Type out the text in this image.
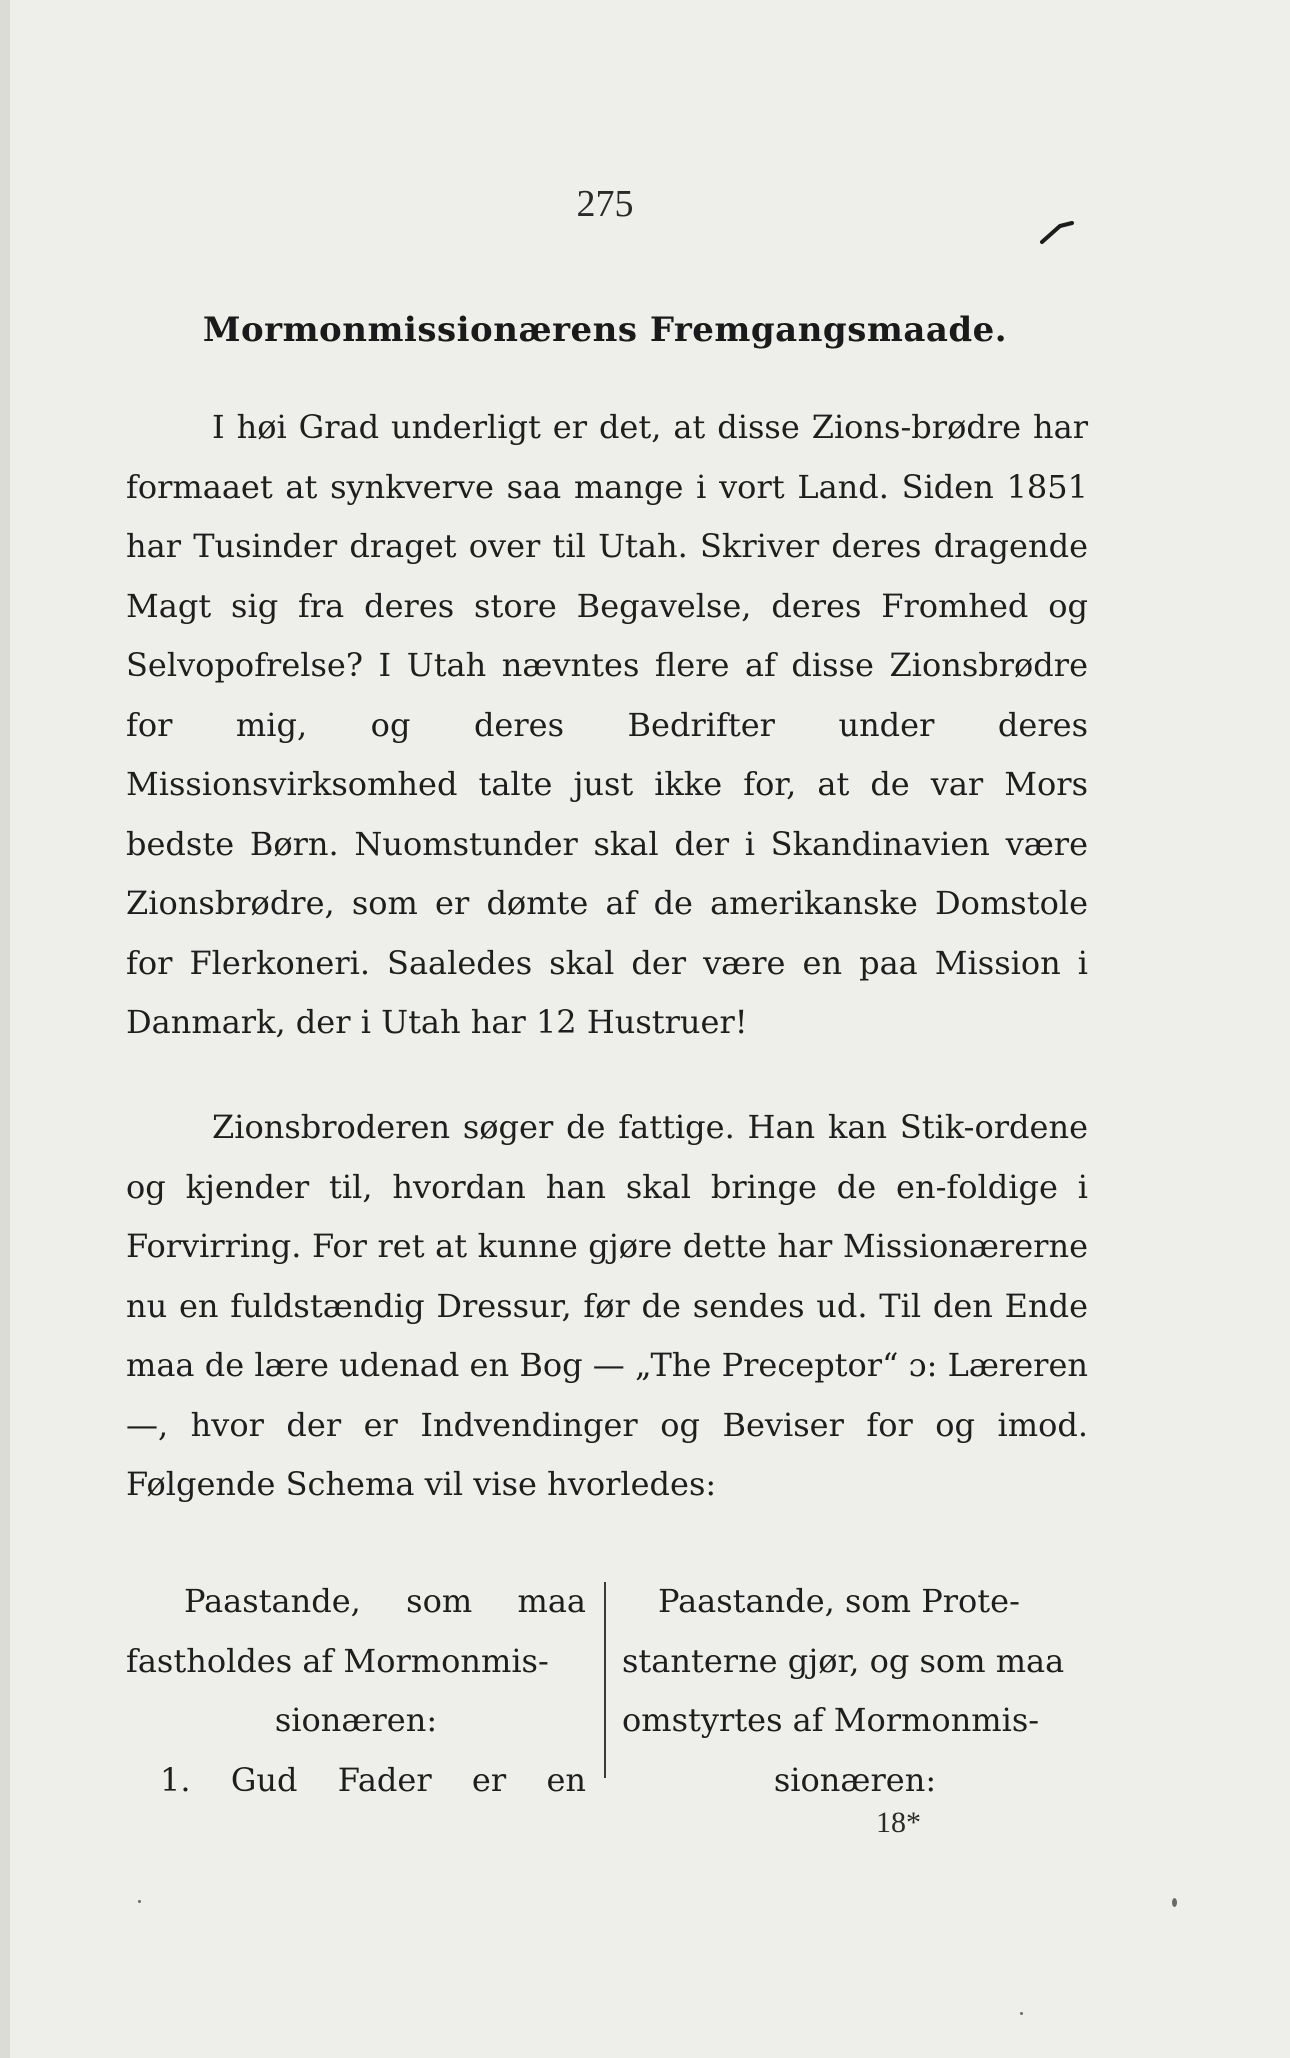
275
Mormonmissionærens Fremgangsmaade.

I høi Grad underligt er det, at disse Zions-brødre har formaaet at synkverve saa mange i vort Land. Siden 1851 har Tusinder draget over til Utah. Skriver deres dragende Magt sig fra deres store Begavelse, deres Fromhed og Selvopofrelse? I Utah nævntes flere af disse Zionsbrødre for mig, og deres Bedrifter under deres Missionsvirksomhed talte just ikke for, at de var Mors bedste Børn. Nuomstunder skal der i Skandinavien være Zionsbrødre, som er dømte af de amerikanske Domstole for Flerkoneri. Saaledes skal der være en paa Mission i Danmark, der i Utah har 12 Hustruer!

Zionsbroderen søger de fattige. Han kan Stik-ordene og kjender til, hvordan han skal bringe de en-foldige i Forvirring. For ret at kunne gjøre dette har Missionærerne nu en fuldstændig Dressur, før de sendes ud. Til den Ende maa de lære udenad en Bog — „The Preceptor“ ɔ: Læreren —, hvor der er Indvendinger og Beviser for og imod. Følgende Schema vil vise hvorledes:

Paastande, som maa
fastholdes af Mormonmis-
sionæren:
1. Gud Fader er en
Paastande, som Prote-
stanterne gjør, og som maa
omstyrtes af Mormonmis-
sionæren:
18*
